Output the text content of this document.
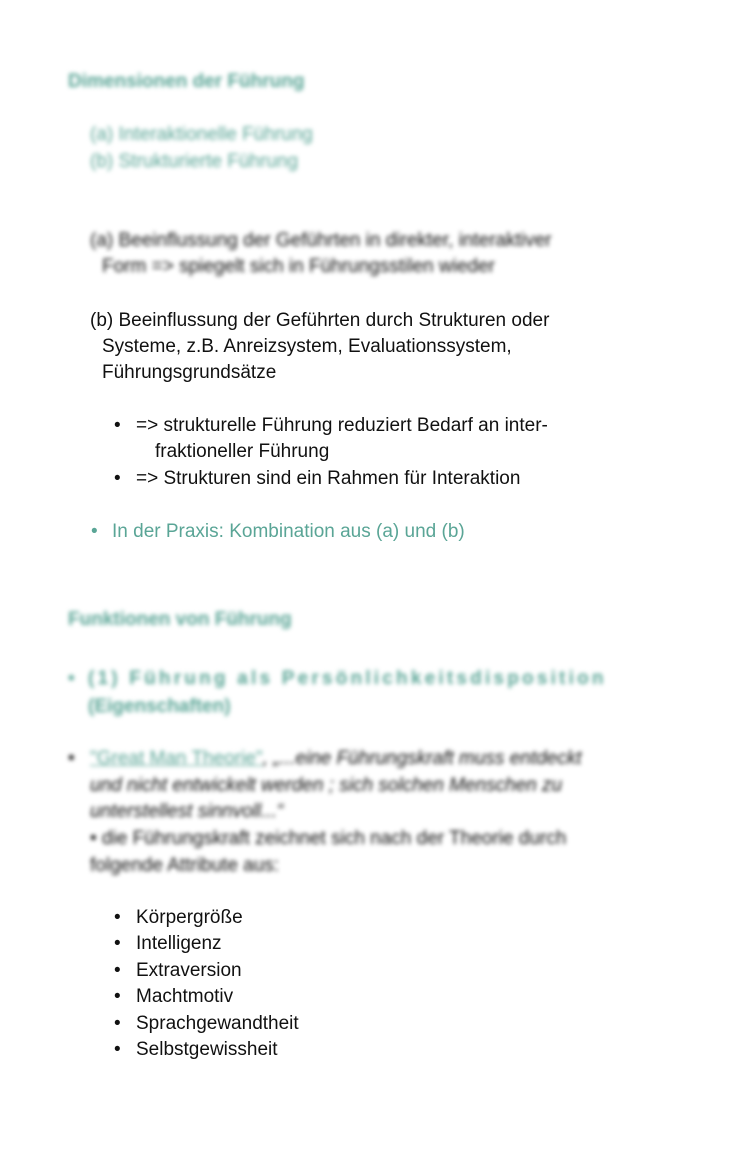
Dimensionen der Führung
(a) Interaktionelle Führung
(b) Strukturierte Führung
(a) Beeinflussung der Geführten in direkter, interaktiver
Form => spiegelt sich in Führungsstilen wieder
(b) Beeinflussung der Geführten durch Strukturen oder
Systeme, z.B. Anreizsystem, Evaluationssystem,
Führungsgrundsätze
• => strukturelle Führung reduziert Bedarf an inter-
fraktioneller Führung
• => Strukturen sind ein Rahmen für Interaktion
• In der Praxis: Kombination aus (a) und (b)
Funktionen von Führung
• (1) Führung als Persönlichkeitsdisposition
(Eigenschaften)
• "Great Man Theorie", „...eine Führungskraft muss entdeckt
und nicht entwickelt werden ; sich solchen Menschen zu
unterstellest sinnvoll...“
• die Führungskraft zeichnet sich nach der Theorie durch
folgende Attribute aus:
• Körpergröße
• Intelligenz
• Extraversion
• Machtmotiv
• Sprachgewandtheit
• Selbstgewissheit
